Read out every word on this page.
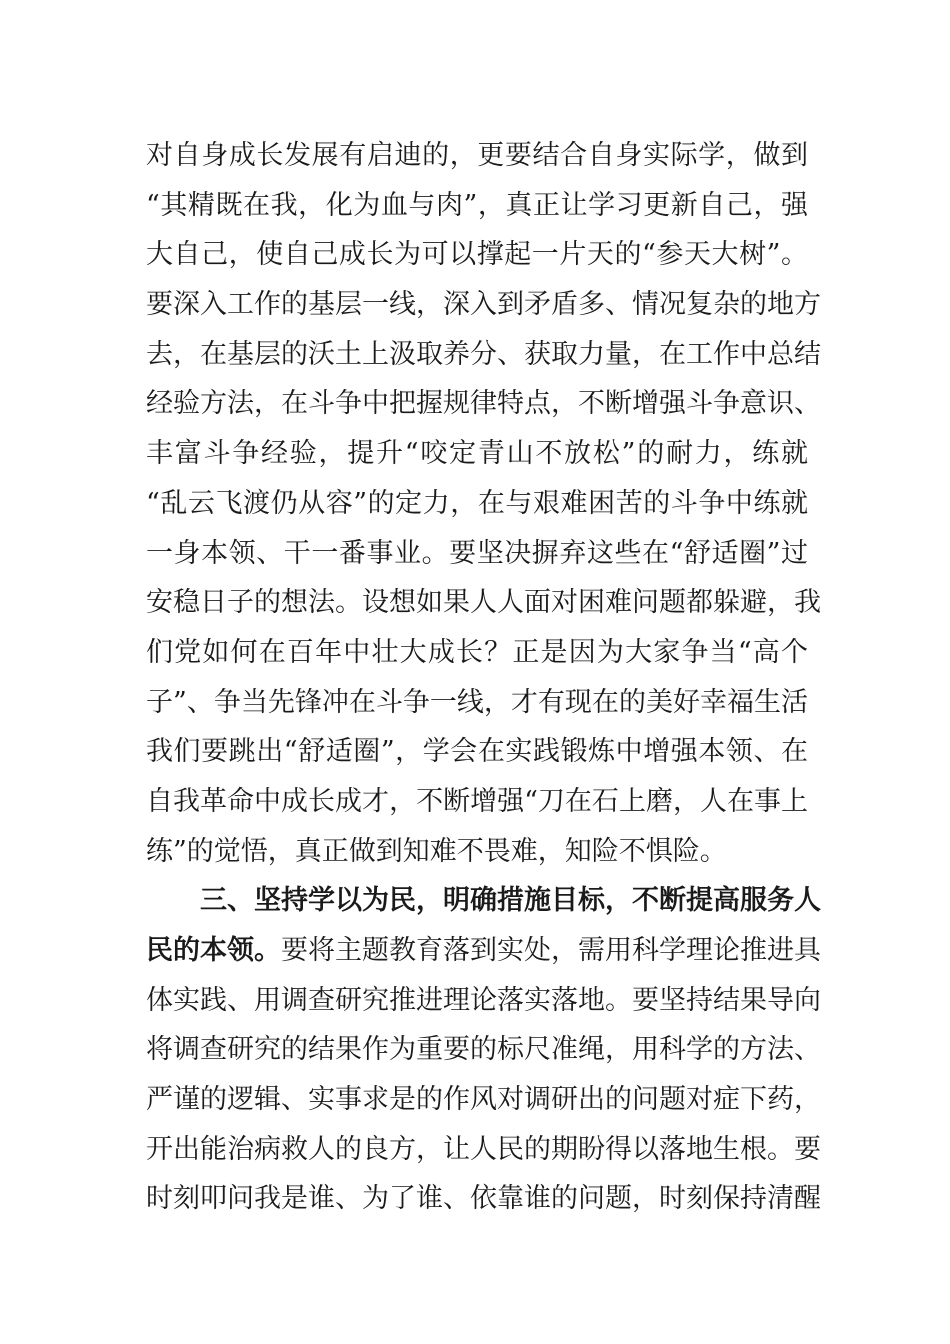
对自身成长发展有启迪的，更要结合自身实际学，做到
“其精既在我，化为血与肉”，真正让学习更新自己，强
大自己，使自己成长为可以撑起一片天的“参天大树”。
要深入工作的基层一线，深入到矛盾多、情况复杂的地方
去，在基层的沃土上汲取养分、获取力量，在工作中总结
经验方法，在斗争中把握规律特点，不断增强斗争意识、
丰富斗争经验，提升“咬定青山不放松”的耐力，练就
“乱云飞渡仍从容”的定力，在与艰难困苦的斗争中练就
一身本领、干一番事业。要坚决摒弃这些在“舒适圈”过
安稳日子的想法。设想如果人人面对困难问题都躲避，我
们党如何在百年中壮大成长？正是因为大家争当“高个
子”、争当先锋冲在斗争一线，才有现在的美好幸福生活
我们要跳出“舒适圈”，学会在实践锻炼中增强本领、在
自我革命中成长成才，不断增强“刀在石上磨，人在事上
练”的觉悟，真正做到知难不畏难，知险不惧险。
三、坚持学以为民，明确措施目标，不断提高服务人
民的本领。要将主题教育落到实处，需用科学理论推进具
体实践、用调查研究推进理论落实落地。要坚持结果导向
将调查研究的结果作为重要的标尺准绳，用科学的方法、
严谨的逻辑、实事求是的作风对调研出的问题对症下药，
开出能治病救人的良方，让人民的期盼得以落地生根。要
时刻叩问我是谁、为了谁、依靠谁的问题，时刻保持清醒
